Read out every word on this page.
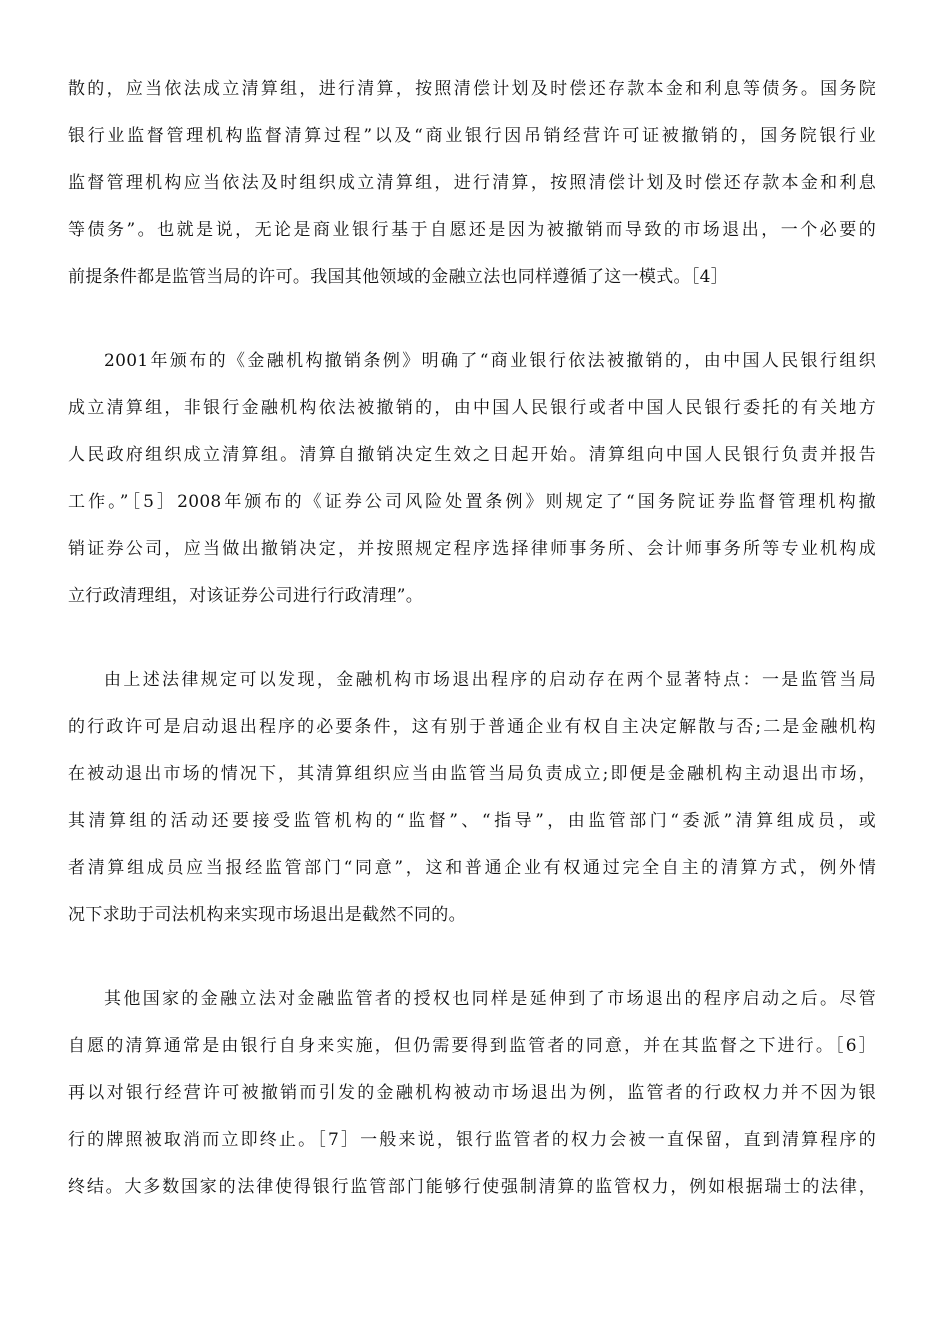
散的，应当依法成立清算组，进行清算，按照清偿计划及时偿还存款本金和利息等债务。国务院
银行业监督管理机构监督清算过程”以及“商业银行因吊销经营许可证被撤销的，国务院银行业
监督管理机构应当依法及时组织成立清算组，进行清算，按照清偿计划及时偿还存款本金和利息
等债务”。也就是说，无论是商业银行基于自愿还是因为被撤销而导致的市场退出，一个必要的
前提条件都是监管当局的许可。我国其他领域的金融立法也同样遵循了这一模式。［4］
2001年颁布的《金融机构撤销条例》明确了“商业银行依法被撤销的，由中国人民银行组织
成立清算组，非银行金融机构依法被撤销的，由中国人民银行或者中国人民银行委托的有关地方
人民政府组织成立清算组。清算自撤销决定生效之日起开始。清算组向中国人民银行负责并报告
工作。”［5］2008年颁布的《证券公司风险处置条例》则规定了“国务院证券监督管理机构撤
销证券公司，应当做出撤销决定，并按照规定程序选择律师事务所、会计师事务所等专业机构成
立行政清理组，对该证券公司进行行政清理”。
由上述法律规定可以发现，金融机构市场退出程序的启动存在两个显著特点：一是监管当局
的行政许可是启动退出程序的必要条件，这有别于普通企业有权自主决定解散与否;二是金融机构
在被动退出市场的情况下，其清算组织应当由监管当局负责成立;即便是金融机构主动退出市场，
其清算组的活动还要接受监管机构的“监督”、“指导”，由监管部门“委派”清算组成员，或
者清算组成员应当报经监管部门“同意”，这和普通企业有权通过完全自主的清算方式，例外情
况下求助于司法机构来实现市场退出是截然不同的。
其他国家的金融立法对金融监管者的授权也同样是延伸到了市场退出的程序启动之后。尽管
自愿的清算通常是由银行自身来实施，但仍需要得到监管者的同意，并在其监督之下进行。［6］
再以对银行经营许可被撤销而引发的金融机构被动市场退出为例，监管者的行政权力并不因为银
行的牌照被取消而立即终止。［7］一般来说，银行监管者的权力会被一直保留，直到清算程序的
终结。大多数国家的法律使得银行监管部门能够行使强制清算的监管权力，例如根据瑞士的法律，
